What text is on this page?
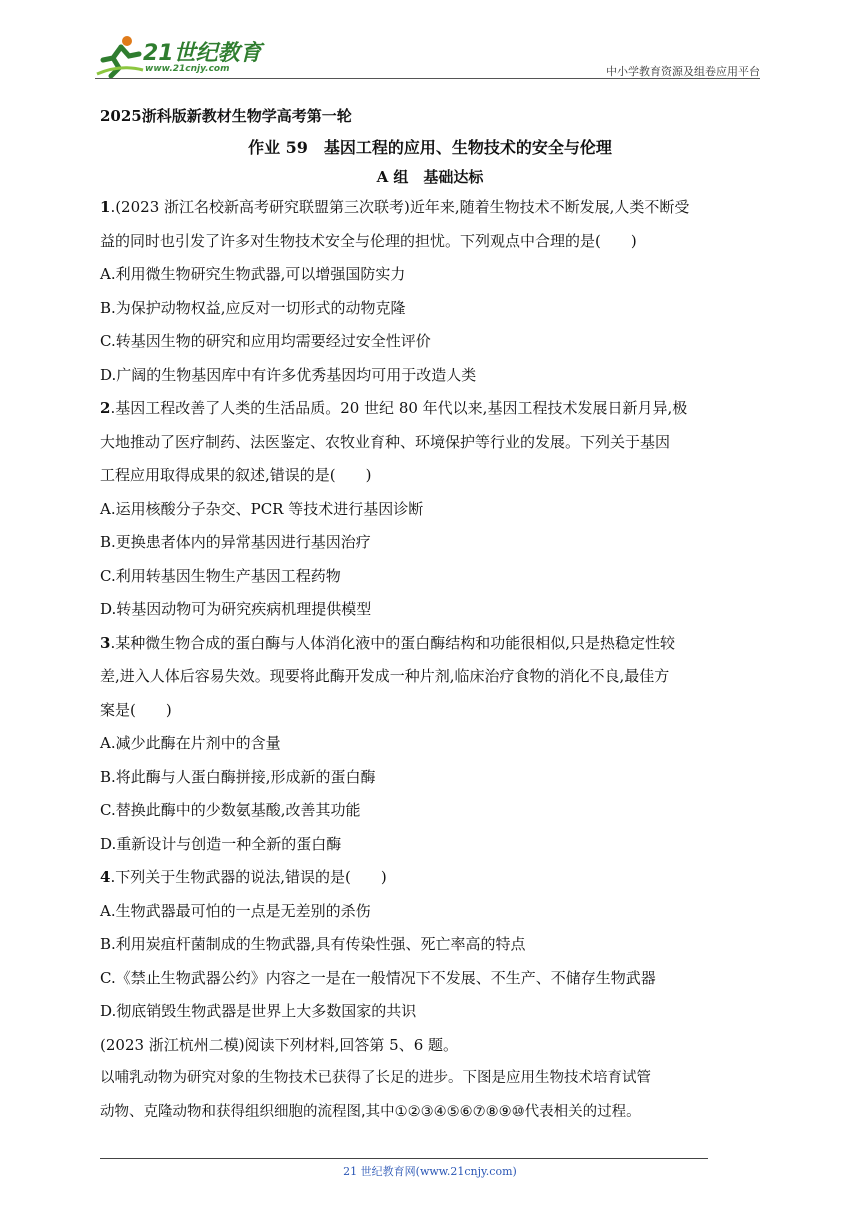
21世纪教育
www.21cnjy.com	中小学教育资源及组卷应用平台

2025浙科版新教材生物学高考第一轮

作业 59　基因工程的应用、生物技术的安全与伦理

A 组　基础达标

1.(2023 浙江名校新高考研究联盟第三次联考)近年来,随着生物技术不断发展,人类不断受

益的同时也引发了许多对生物技术安全与伦理的担忧。下列观点中合理的是(　　)

A.利用微生物研究生物武器,可以增强国防实力

B.为保护动物权益,应反对一切形式的动物克隆

C.转基因生物的研究和应用均需要经过安全性评价

D.广阔的生物基因库中有许多优秀基因均可用于改造人类

2.基因工程改善了人类的生活品质。20 世纪 80 年代以来,基因工程技术发展日新月异,极

大地推动了医疗制药、法医鉴定、农牧业育种、环境保护等行业的发展。下列关于基因

工程应用取得成果的叙述,错误的是(　　)

A.运用核酸分子杂交、PCR 等技术进行基因诊断

B.更换患者体内的异常基因进行基因治疗

C.利用转基因生物生产基因工程药物

D.转基因动物可为研究疾病机理提供模型

3.某种微生物合成的蛋白酶与人体消化液中的蛋白酶结构和功能很相似,只是热稳定性较

差,进入人体后容易失效。现要将此酶开发成一种片剂,临床治疗食物的消化不良,最佳方

案是(　　)

A.减少此酶在片剂中的含量

B.将此酶与人蛋白酶拼接,形成新的蛋白酶

C.替换此酶中的少数氨基酸,改善其功能

D.重新设计与创造一种全新的蛋白酶

4.下列关于生物武器的说法,错误的是(　　)

A.生物武器最可怕的一点是无差别的杀伤

B.利用炭疽杆菌制成的生物武器,具有传染性强、死亡率高的特点

C.《禁止生物武器公约》内容之一是在一般情况下不发展、不生产、不储存生物武器

D.彻底销毁生物武器是世界上大多数国家的共识

(2023 浙江杭州二模)阅读下列材料,回答第 5、6 题。

以哺乳动物为研究对象的生物技术已获得了长足的进步。下图是应用生物技术培育试管

动物、克隆动物和获得组织细胞的流程图,其中①②③④⑤⑥⑦⑧⑨⑩代表相关的过程。

21 世纪教育网(www.21cnjy.com)
